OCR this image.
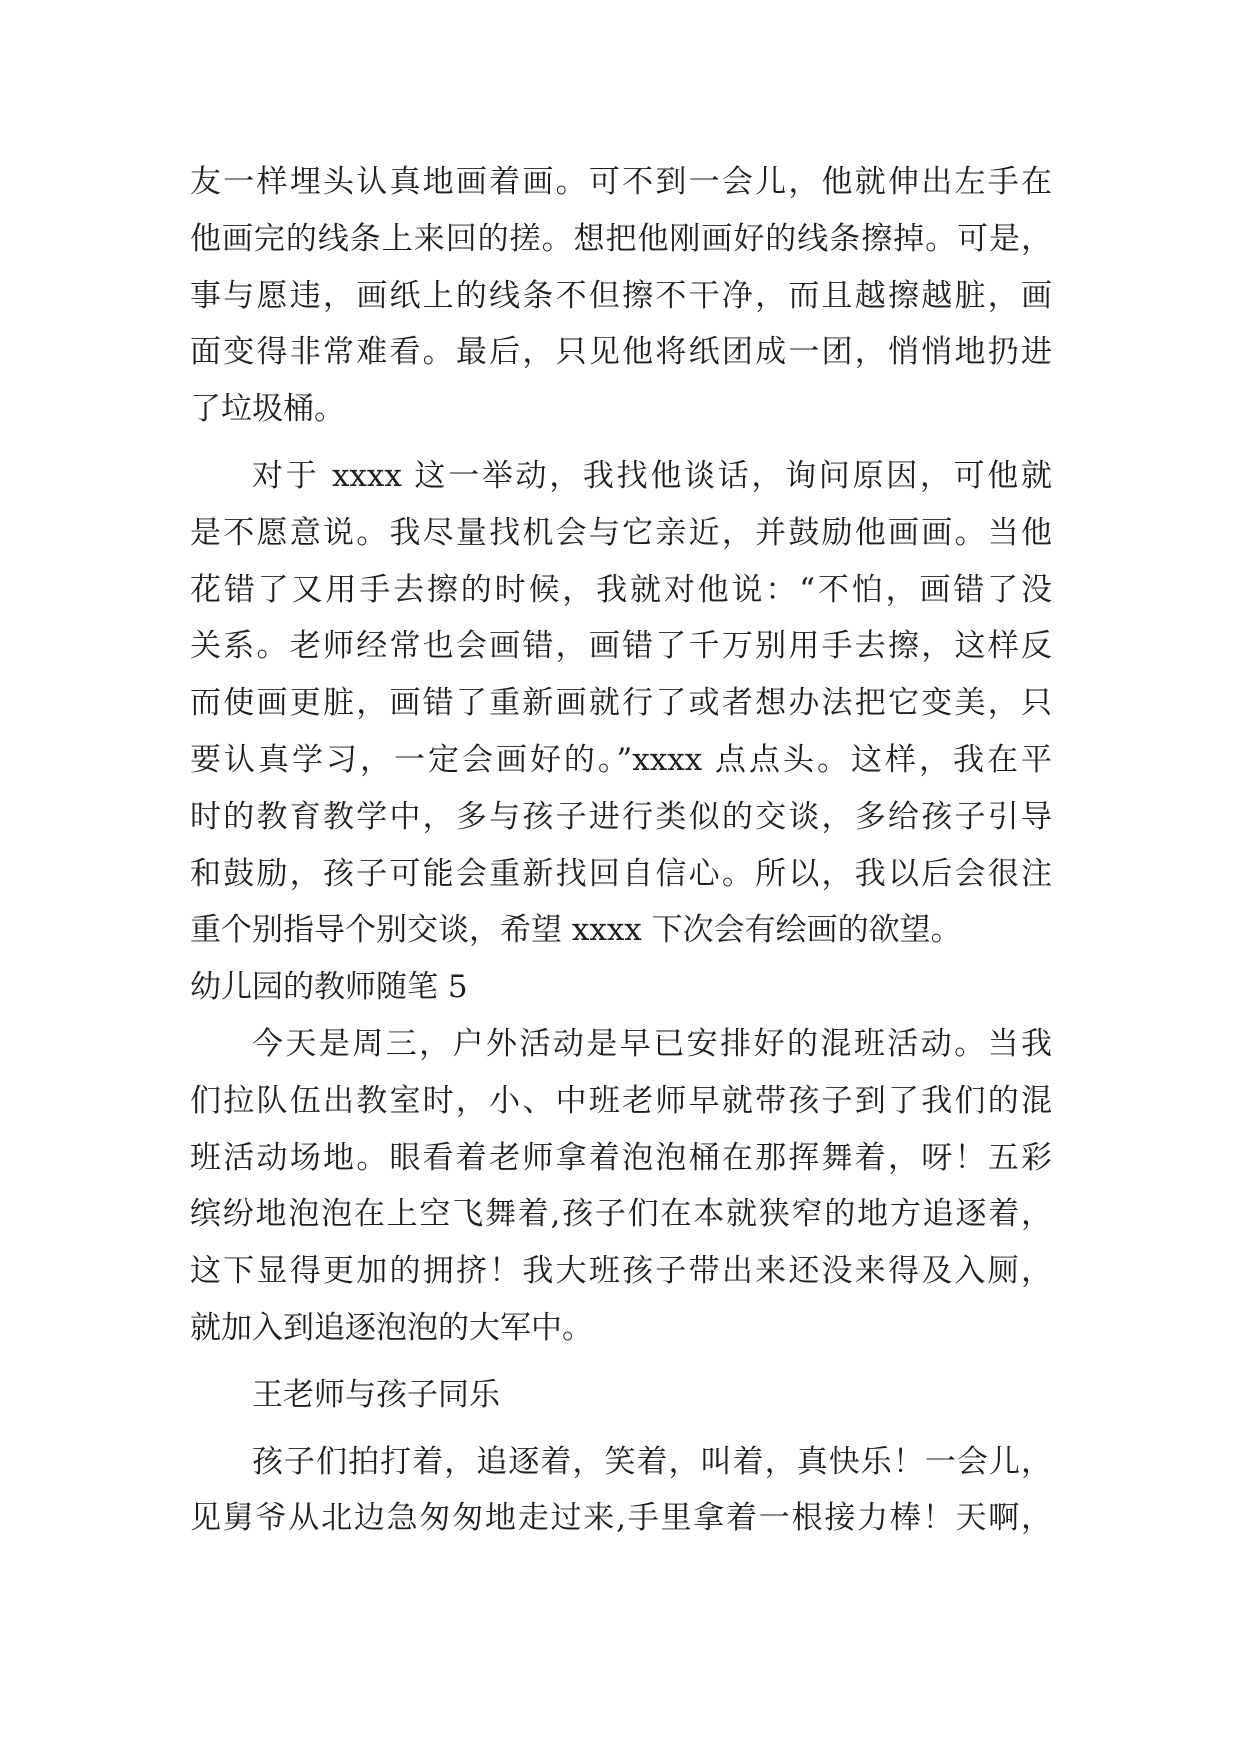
友一样埋头认真地画着画。可不到一会儿，他就伸出左手在
他画完的线条上来回的搓。想把他刚画好的线条擦掉。可是，
事与愿违，画纸上的线条不但擦不干净，而且越擦越脏，画
面变得非常难看。最后，只见他将纸团成一团，悄悄地扔进
了垃圾桶。
对于 xxxx 这一举动，我找他谈话，询问原因，可他就
是不愿意说。我尽量找机会与它亲近，并鼓励他画画。当他
花错了又用手去擦的时候，我就对他说：“不怕，画错了没
关系。老师经常也会画错，画错了千万别用手去擦，这样反
而使画更脏，画错了重新画就行了或者想办法把它变美，只
要认真学习，一定会画好的。”xxxx 点点头。这样，我在平
时的教育教学中，多与孩子进行类似的交谈，多给孩子引导
和鼓励，孩子可能会重新找回自信心。所以，我以后会很注
重个别指导个别交谈，希望 xxxx 下次会有绘画的欲望。
幼儿园的教师随笔 5
今天是周三，户外活动是早已安排好的混班活动。当我
们拉队伍出教室时，小、中班老师早就带孩子到了我们的混
班活动场地。眼看着老师拿着泡泡桶在那挥舞着，呀！五彩
缤纷地泡泡在上空飞舞着,孩子们在本就狭窄的地方追逐着，
这下显得更加的拥挤！我大班孩子带出来还没来得及入厕，
就加入到追逐泡泡的大军中。
王老师与孩子同乐
孩子们拍打着，追逐着，笑着，叫着，真快乐！一会儿，
见舅爷从北边急匆匆地走过来,手里拿着一根接力棒！天啊，
